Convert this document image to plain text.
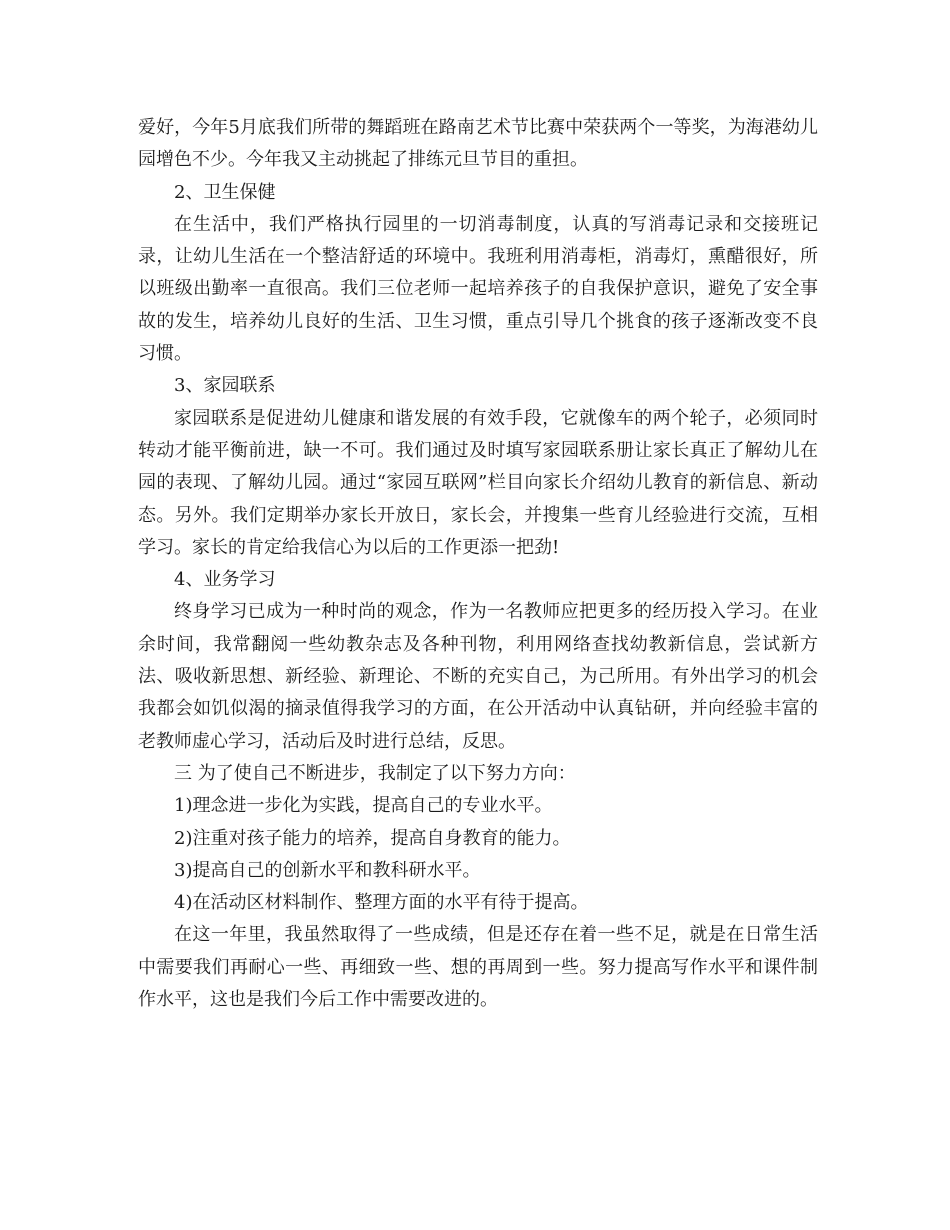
爱好，今年5月底我们所带的舞蹈班在路南艺术节比赛中荣获两个一等奖，为海港幼儿园增色不少。今年我又主动挑起了排练元旦节目的重担。

2、卫生保健

在生活中，我们严格执行园里的一切消毒制度，认真的写消毒记录和交接班记录，让幼儿生活在一个整洁舒适的环境中。我班利用消毒柜，消毒灯，熏醋很好，所以班级出勤率一直很高。我们三位老师一起培养孩子的自我保护意识，避免了安全事故的发生，培养幼儿良好的生活、卫生习惯，重点引导几个挑食的孩子逐渐改变不良习惯。

3、家园联系

家园联系是促进幼儿健康和谐发展的有效手段，它就像车的两个轮子，必须同时转动才能平衡前进，缺一不可。我们通过及时填写家园联系册让家长真正了解幼儿在园的表现、了解幼儿园。通过“家园互联网”栏目向家长介绍幼儿教育的新信息、新动态。另外。我们定期举办家长开放日，家长会，并搜集一些育儿经验进行交流，互相学习。家长的肯定给我信心为以后的工作更添一把劲!

4、业务学习

终身学习已成为一种时尚的观念，作为一名教师应把更多的经历投入学习。在业余时间，我常翻阅一些幼教杂志及各种刊物，利用网络查找幼教新信息，尝试新方法、吸收新思想、新经验、新理论、不断的充实自己，为己所用。有外出学习的机会我都会如饥似渴的摘录值得我学习的方面，在公开活动中认真钻研，并向经验丰富的老教师虚心学习，活动后及时进行总结，反思。

三 为了使自己不断进步，我制定了以下努力方向：

1)理念进一步化为实践，提高自己的专业水平。

2)注重对孩子能力的培养，提高自身教育的能力。

3)提高自己的创新水平和教科研水平。

4)在活动区材料制作、整理方面的水平有待于提高。

在这一年里，我虽然取得了一些成绩，但是还存在着一些不足，就是在日常生活中需要我们再耐心一些、再细致一些、想的再周到一些。努力提高写作水平和课件制作水平，这也是我们今后工作中需要改进的。
